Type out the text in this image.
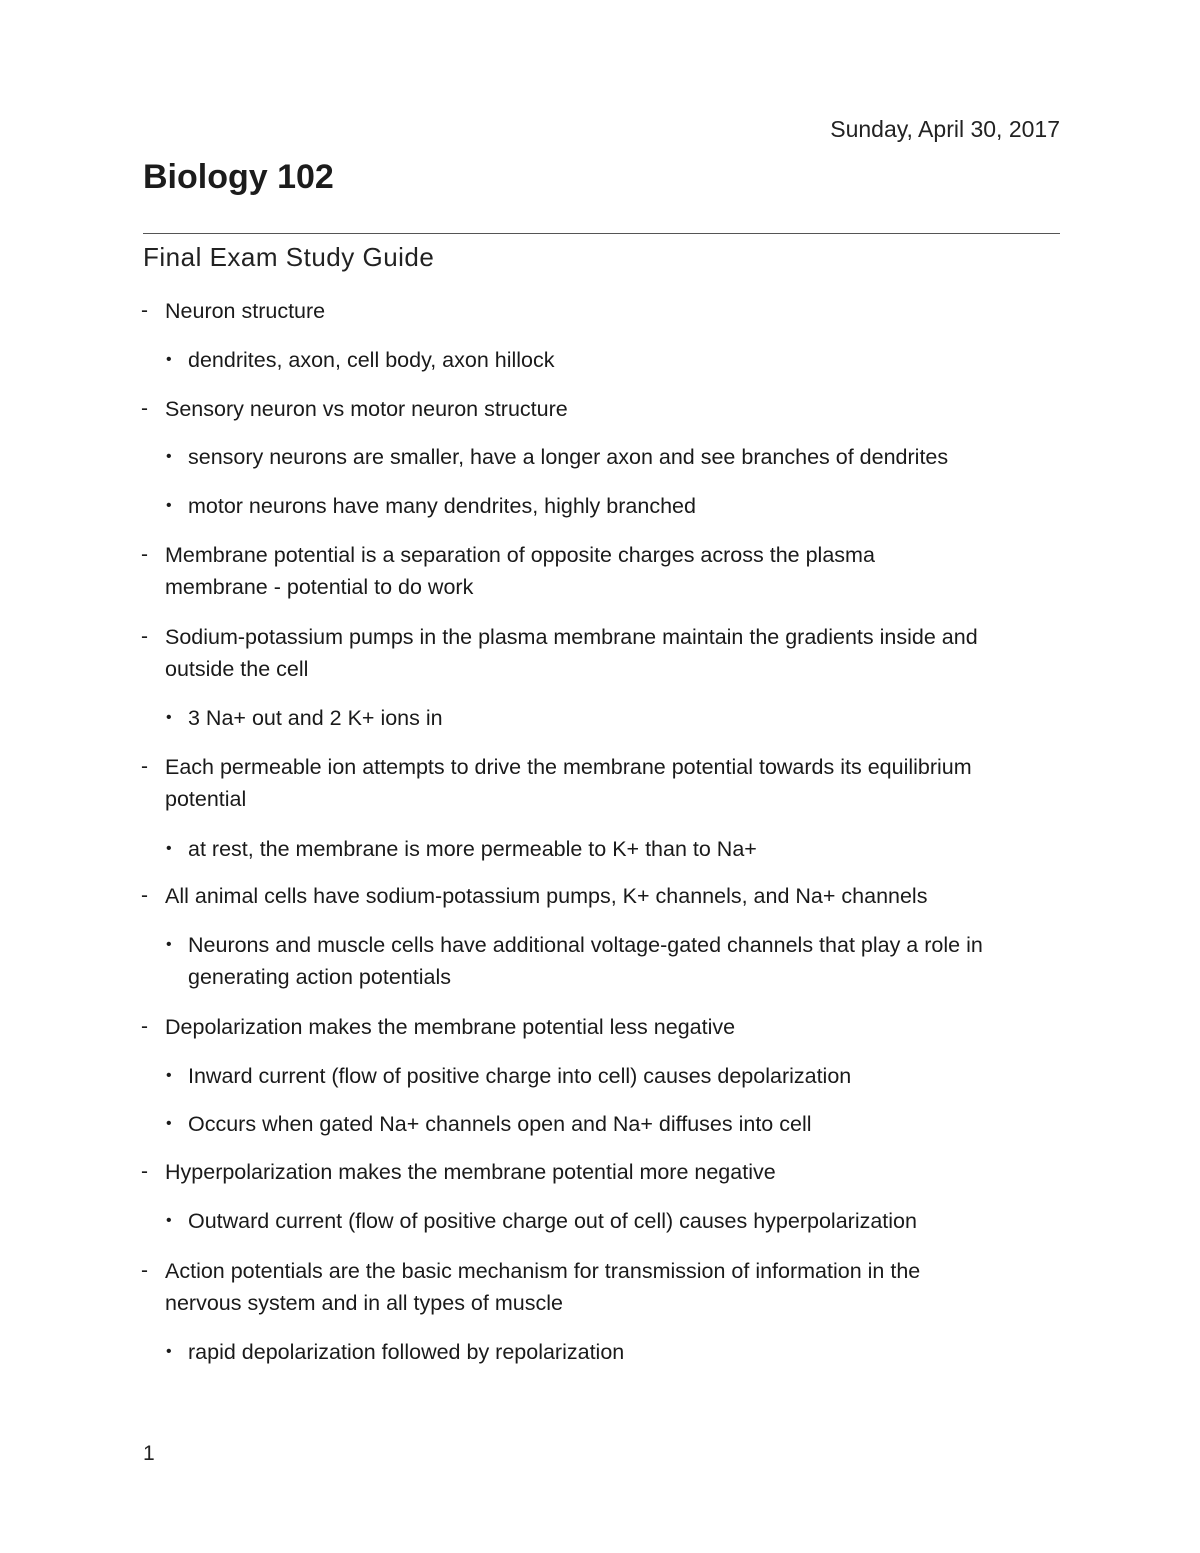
Sunday, April 30, 2017
Biology 102
Final Exam Study Guide
- Neuron structure
• dendrites, axon, cell body, axon hillock
- Sensory neuron vs motor neuron structure
• sensory neurons are smaller, have a longer axon and see branches of dendrites
• motor neurons have many dendrites, highly branched
- Membrane potential is a separation of opposite charges across the plasma
membrane - potential to do work
- Sodium-potassium pumps in the plasma membrane maintain the gradients inside and
outside the cell
• 3 Na+ out and 2 K+ ions in
- Each permeable ion attempts to drive the membrane potential towards its equilibrium
potential
• at rest, the membrane is more permeable to K+ than to Na+
- All animal cells have sodium-potassium pumps, K+ channels, and Na+ channels
• Neurons and muscle cells have additional voltage-gated channels that play a role in
generating action potentials
- Depolarization makes the membrane potential less negative
• Inward current (flow of positive charge into cell) causes depolarization
• Occurs when gated Na+ channels open and Na+ diffuses into cell
- Hyperpolarization makes the membrane potential more negative
• Outward current (flow of positive charge out of cell) causes hyperpolarization
- Action potentials are the basic mechanism for transmission of information in the
nervous system and in all types of muscle
• rapid depolarization followed by repolarization
1
